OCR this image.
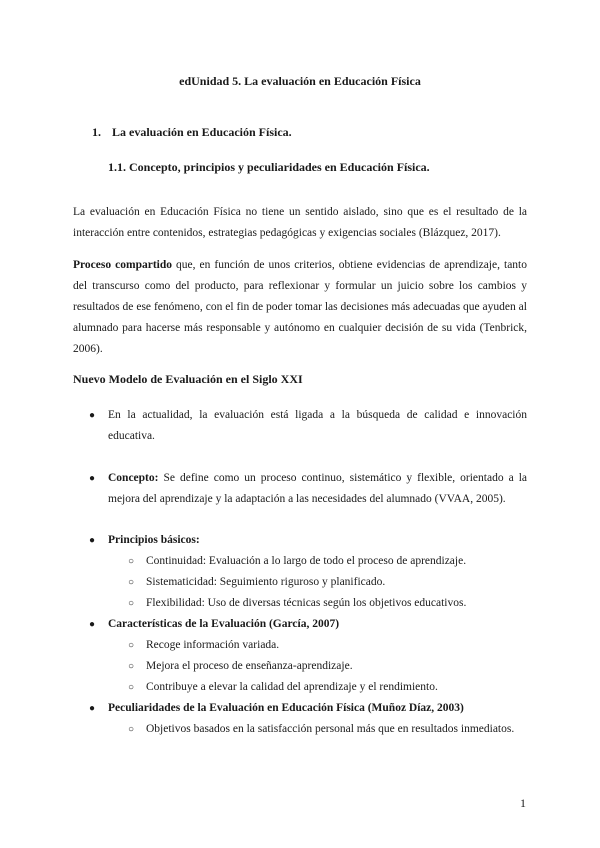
edUnidad 5. La evaluación en Educación Física
1. La evaluación en Educación Física.
1.1. Concepto, principios y peculiaridades en Educación Física.
La evaluación en Educación Física no tiene un sentido aislado, sino que es el resultado de la interacción entre contenidos, estrategias pedagógicas y exigencias sociales (Blázquez, 2017).
Proceso compartido que, en función de unos criterios, obtiene evidencias de aprendizaje, tanto del transcurso como del producto, para reflexionar y formular un juicio sobre los cambios y resultados de ese fenómeno, con el fin de poder tomar las decisiones más adecuadas que ayuden al alumnado para hacerse más responsable y autónomo en cualquier decisión de su vida (Tenbrick, 2006).
Nuevo Modelo de Evaluación en el Siglo XXI
●	En la actualidad, la evaluación está ligada a la búsqueda de calidad e innovación educativa.
●	Concepto: Se define como un proceso continuo, sistemático y flexible, orientado a la mejora del aprendizaje y la adaptación a las necesidades del alumnado (VVAA, 2005).
●	Principios básicos:
○ Continuidad: Evaluación a lo largo de todo el proceso de aprendizaje.
○ Sistematicidad: Seguimiento riguroso y planificado.
○ Flexibilidad: Uso de diversas técnicas según los objetivos educativos.
●	Características de la Evaluación (García, 2007)
○ Recoge información variada.
○ Mejora el proceso de enseñanza-aprendizaje.
○ Contribuye a elevar la calidad del aprendizaje y el rendimiento.
●	Peculiaridades de la Evaluación en Educación Física (Muñoz Díaz, 2003)
○ Objetivos basados en la satisfacción personal más que en resultados inmediatos.
1
